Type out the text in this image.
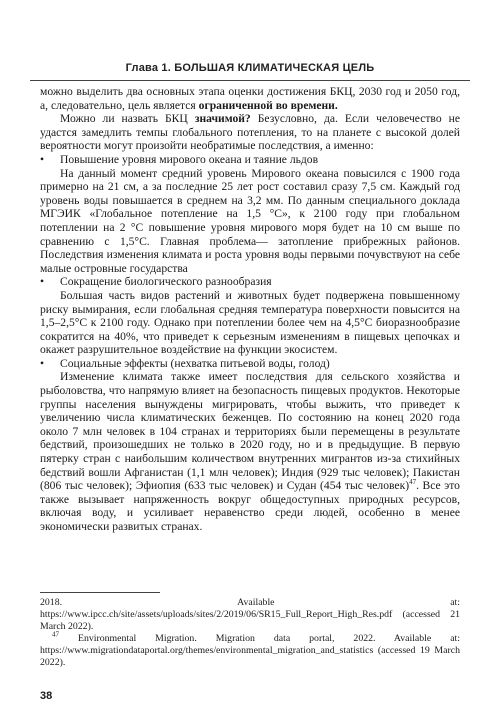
Глава 1. БОЛЬШАЯ КЛИМАТИЧЕСКАЯ ЦЕЛЬ

можно выделить два основных этапа оценки достижения БКЦ, 2030 год и 2050 год, а, следовательно, цель является ограниченной во времени.

Можно ли назвать БКЦ значимой? Безусловно, да. Если человечество не удастся замедлить темпы глобального потепления, то на планете с высокой долей вероятности могут произойти необратимые последствия, а именно:

•	Повышение уровня мирового океана и таяние льдов

На данный момент средний уровень Мирового океана повысился с 1900 года примерно на 21 см, а за последние 25 лет рост составил сразу 7,5 см. Каждый год уровень воды повышается в среднем на 3,2 мм. По данным специального доклада МГЭИК «Глобальное потепление на 1,5 °C», к 2100 году при глобальном потеплении на 2 °C повышение уровня мирового моря будет на 10 см выше по сравнению с 1,5°С. Главная проблема— затопление прибрежных районов. Последствия изменения климата и роста уровня воды первыми почувствуют на себе малые островные государства

•	Сокращение биологического разнообразия

Большая часть видов растений и животных будет подвержена повышенному риску вымирания, если глобальная средняя температура поверхности повысится на 1,5–2,5°С к 2100 году. Однако при потеплении более чем на 4,5°С биоразнообразие сократится на 40%, что приведет к серьезным изменениям в пищевых цепочках и окажет разрушительное воздействие на функции экосистем.

•	Социальные эффекты (нехватка питьевой воды, голод)

Изменение климата также имеет последствия для сельского хозяйства и рыболовства, что напрямую влияет на безопасность пищевых продуктов. Некоторые группы населения вынуждены мигрировать, чтобы выжить, что приведет к увеличению числа климатических беженцев. По состоянию на конец 2020 года около 7 млн человек в 104 странах и территориях были перемещены в результате бедствий, произошедших не только в 2020 году, но и в предыдущие. В первую пятерку стран с наибольшим количеством внутренних мигрантов из-за стихийных бедствий вошли Афганистан (1,1 млн человек); Индия (929 тыс человек); Пакистан (806 тыс человек); Эфиопия (633 тыс человек) и Судан (454 тыс человек)$^{47}$. Все это также вызывает напряженность вокруг общедоступных природных ресурсов, включая воду, и усиливает неравенство среди людей, особенно в менее экономически развитых странах.

2018. Available at: https://www.ipcc.ch/site/assets/uploads/sites/2/2019/06/SR15_Full_Report_High_Res.pdf (accessed 21 March 2022).

$^{47}$ Environmental Migration. Migration data portal, 2022. Available at: https://www.migrationdataportal.org/themes/environmental_migration_and_statistics (accessed 19 March 2022).

38
